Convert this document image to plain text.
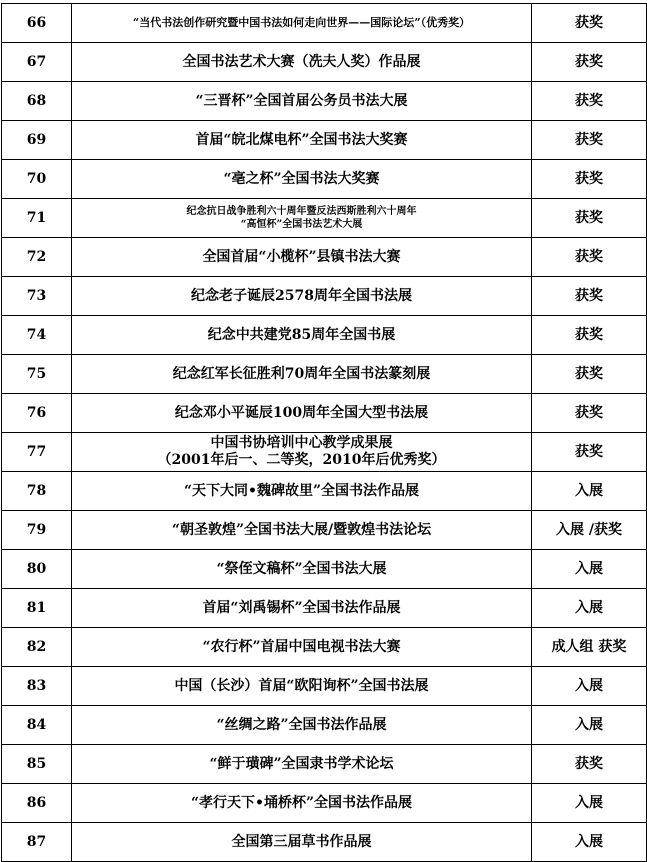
66	“当代书法创作研究暨中国书法如何走向世界——国际论坛”（优秀奖）	获奖
67	全国书法艺术大赛（冼夫人奖）作品展	获奖
68	“三晋杯”全国首届公务员书法大展	获奖
69	首届“皖北煤电杯”全国书法大奖赛	获奖
70	“亳之杯”全国书法大奖赛	获奖
71	纪念抗日战争胜利六十周年暨反法西斯胜利六十周年
“高恒杯”全国书法艺术大展	获奖
72	全国首届“小榄杯”县镇书法大赛	获奖
73	纪念老子诞辰2578周年全国书法展	获奖
74	纪念中共建党85周年全国书展	获奖
75	纪念红军长征胜利70周年全国书法篆刻展	获奖
76	纪念邓小平诞辰100周年全国大型书法展	获奖
77	中国书协培训中心教学成果展
（2001年后一、二等奖，2010年后优秀奖）	获奖
78	“天下大同•魏碑故里”全国书法作品展	入展
79	“朝圣敦煌”全国书法大展/暨敦煌书法论坛	入展 /获奖
80	“祭侄文稿杯”全国书法大展	入展
81	首届“刘禹锡杯”全国书法作品展	入展
82	“农行杯”首届中国电视书法大赛	成人组 获奖
83	中国（长沙）首届“欧阳询杯”全国书法展	入展
84	“丝绸之路”全国书法作品展	入展
85	“鲜于璜碑”全国隶书学术论坛	获奖
86	“孝行天下•埇桥杯”全国书法作品展	入展
87	全国第三届草书作品展	入展
